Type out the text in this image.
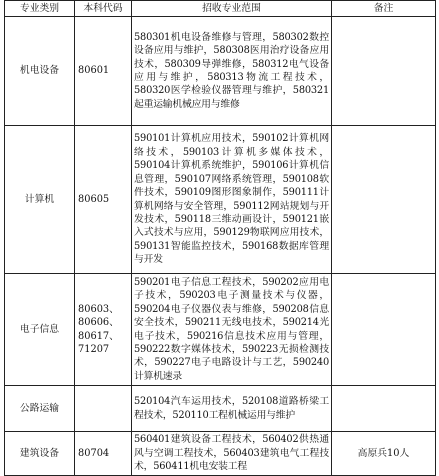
专业类别	本科代码	招收专业范围	备注
机电设备	80601	580301机电设备维修与管理，580302数控设备应用与维护，580308医用治疗设备应用技术，580309导弹维修，580312电气设备应用与维护，580313物流工程技术，580320医学检验仪器管理与维护，580321起重运输机械应用与维修	
计算机	80605	590101计算机应用技术，590102计算机网络技术，590103计算机多媒体技术，590104计算机系统维护，590106计算机信息管理，590107网络系统管理，590108软件技术，590109图形图象制作，590111计算机网络与安全管理，590112网站规划与开发技术，590118三维动画设计，590121嵌入式技术与应用，590129物联网应用技术，590131智能监控技术，590168数据库管理与开发	
电子信息	80603、80606、80617、71207	590201电子信息工程技术，590202应用电子技术，590203电子测量技术与仪器，590204电子仪器仪表与维修，590208信息安全技术，590211无线电技术，590214光电子技术，590216信息技术应用与管理，590222数字媒体技术，590223无损检测技术，590227电子电路设计与工艺，590240计算机速录	
公路运输		520104汽车运用技术，520108道路桥梁工程技术，520110工程机械运用与维护	
建筑设备	80704	560401建筑设备工程技术，560402供热通风与空调工程技术，560403建筑电气工程技术，560411机电安装工程	高原兵10人
